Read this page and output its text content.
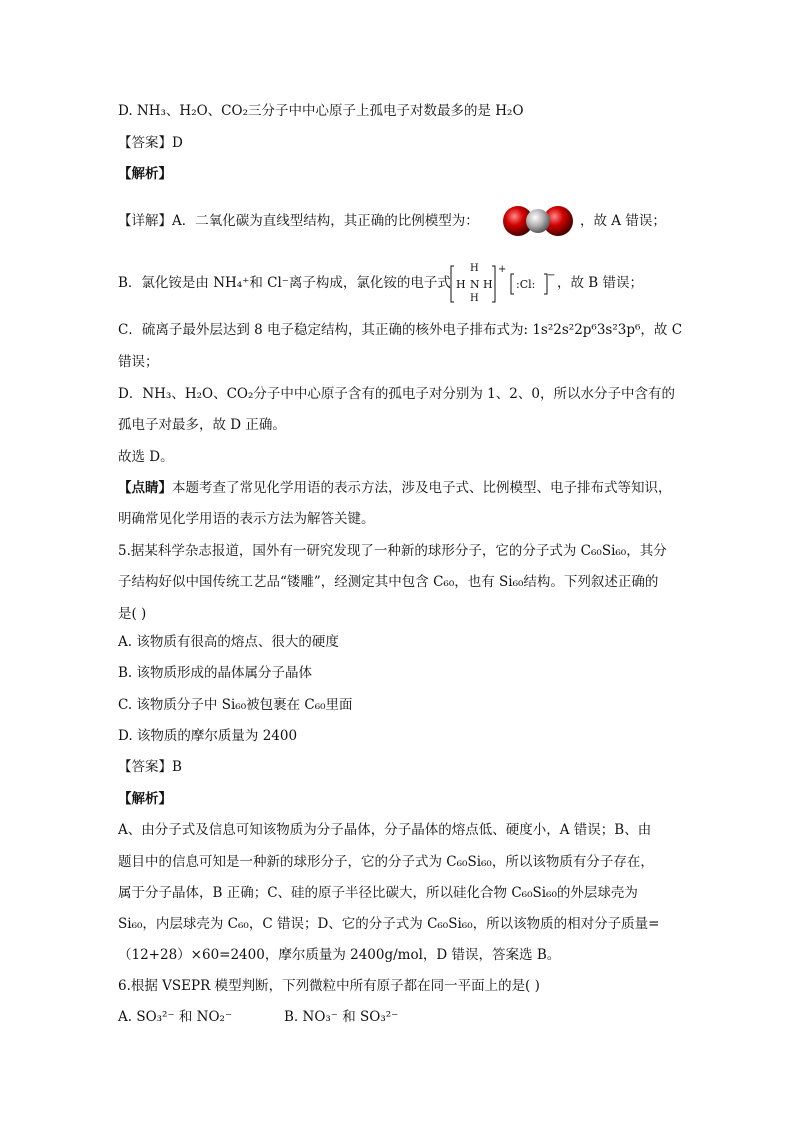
D. NH₃、H₂O、CO₂三分子中中心原子上孤电子对数最多的是 H₂O
【答案】D
【解析】
【详解】A．二氧化碳为直线型结构，其正确的比例模型为：	，故 A 错误；
B．氯化铵是由 NH₄⁺和 Cl⁻离子构成，氯化铵的电子式
H
H N H
H
+
:Cl:
− ，故 B 错误；
C．硫离子最外层达到 8 电子稳定结构，其正确的核外电子排布式为: 1s²2s²2p⁶3s²3p⁶，故 C
错误；
D．NH₃、H₂O、CO₂分子中中心原子含有的孤电子对分别为 1、2、0，所以水分子中含有的
孤电子对最多，故 D 正确。
故选 D。
【点睛】本题考查了常见化学用语的表示方法，涉及电子式、比例模型、电子排布式等知识，
明确常见化学用语的表示方法为解答关键。
5.据某科学杂志报道，国外有一研究发现了一种新的球形分子，它的分子式为 C₆₀Si₆₀，其分
子结构好似中国传统工艺品“镂雕”，经测定其中包含 C₆₀，也有 Si₆₀结构。下列叙述正确的
是( )
A. 该物质有很高的熔点、很大的硬度
B. 该物质形成的晶体属分子晶体
C. 该物质分子中 Si₆₀被包裹在 C₆₀里面
D. 该物质的摩尔质量为 2400
【答案】B
【解析】
A、由分子式及信息可知该物质为分子晶体，分子晶体的熔点低、硬度小，A 错误；B、由
题目中的信息可知是一种新的球形分子，它的分子式为 C₆₀Si₆₀，所以该物质有分子存在，
属于分子晶体，B 正确；C、硅的原子半径比碳大，所以硅化合物 C₆₀Si₆₀的外层球壳为
Si₆₀，内层球壳为 C₆₀，C 错误；D、它的分子式为 C₆₀Si₆₀，所以该物质的相对分子质量=
（12+28）×60=2400，摩尔质量为 2400g/mol，D 错误，答案选 B。
6.根据 VSEPR 模型判断，下列微粒中所有原子都在同一平面上的是( )
A. SO₃²⁻ 和 NO₂⁻	B. NO₃⁻ 和 SO₃²⁻
